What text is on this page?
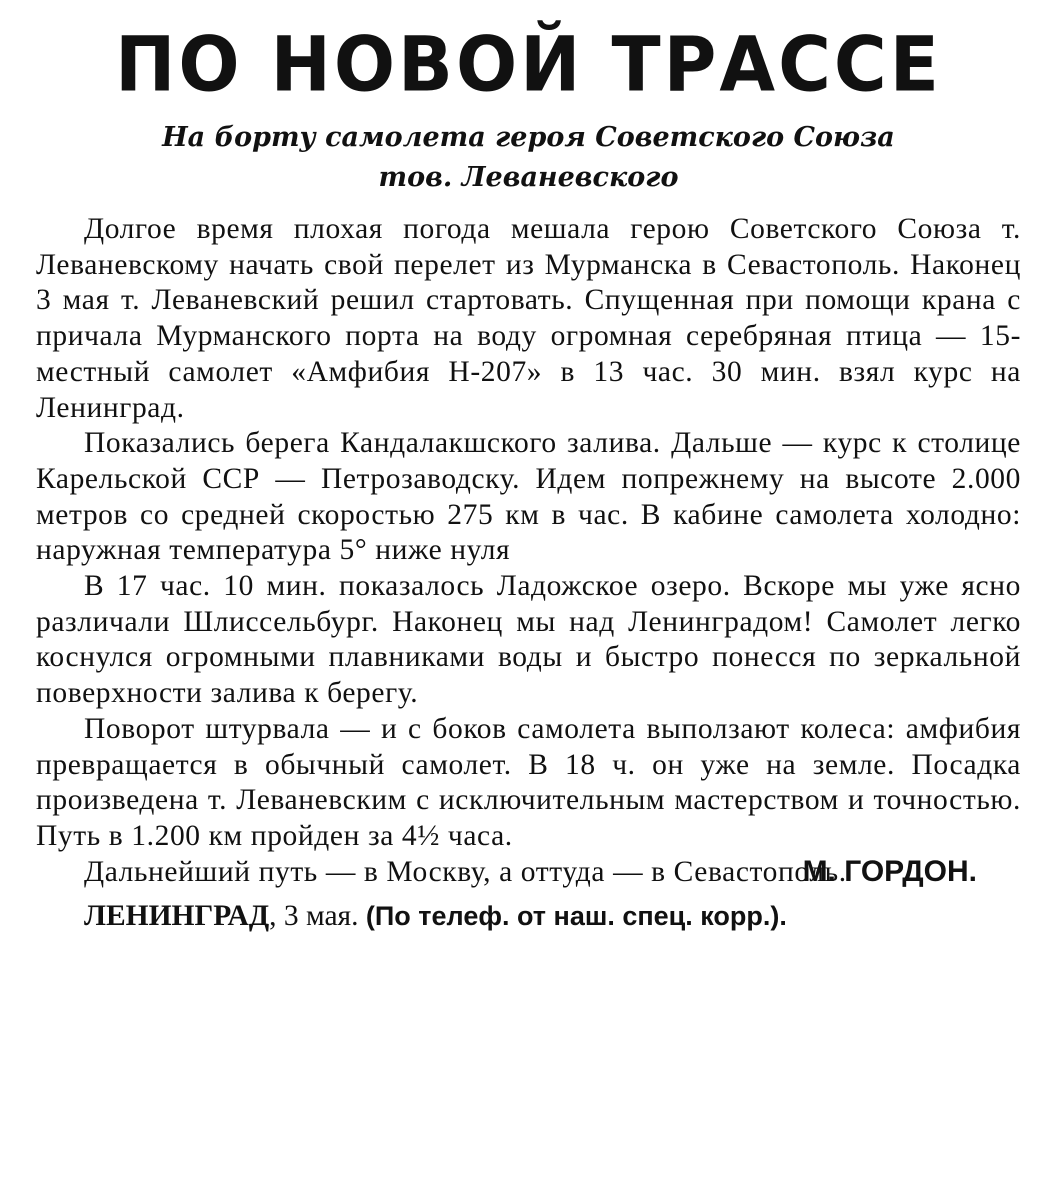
ПО НОВОЙ ТРАССЕ
На борту самолета героя Советского Союза
тов. Леваневского

Долгое время плохая погода мешала герою Советского Союза т. Леваневскому начать свой перелет из Мурманска в Севастополь. Наконец 3 мая т. Леваневский решил стартовать. Спущенная при помощи крана с причала Мурманского порта на воду огромная серебряная птица — 15-местный самолет «Амфибия Н-207» в 13 час. 30 мин. взял курс на Ленинград.

Показались берега Кандалакшского залива. Дальше — курс к столице Карельской ССР — Петрозаводску. Идем попрежнему на высоте 2.000 метров со средней скоростью 275 км в час. В кабине самолета холодно: наружная температура 5° ниже нуля

В 17 час. 10 мин. показалось Ладожское озеро. Вскоре мы уже ясно различали Шлиссельбург. Наконец мы над Ленинградом! Самолет легко коснулся огромными плавниками воды и быстро понесся по зеркальной поверхности залива к берегу.

Поворот штурвала — и с боков самолета выползают колеса: амфибия превращается в обычный самолет. В 18 ч. он уже на земле. Посадка произведена т. Леваневским с исключительным мастерством и точностью. Путь в 1.200 км пройден за 4½ часа.

Дальнейший путь — в Москву, а оттуда — в Севастополь.

М. ГОРДОН.
ЛЕНИНГРАД, 3 мая. (По телеф. от наш. спец. корр.).
